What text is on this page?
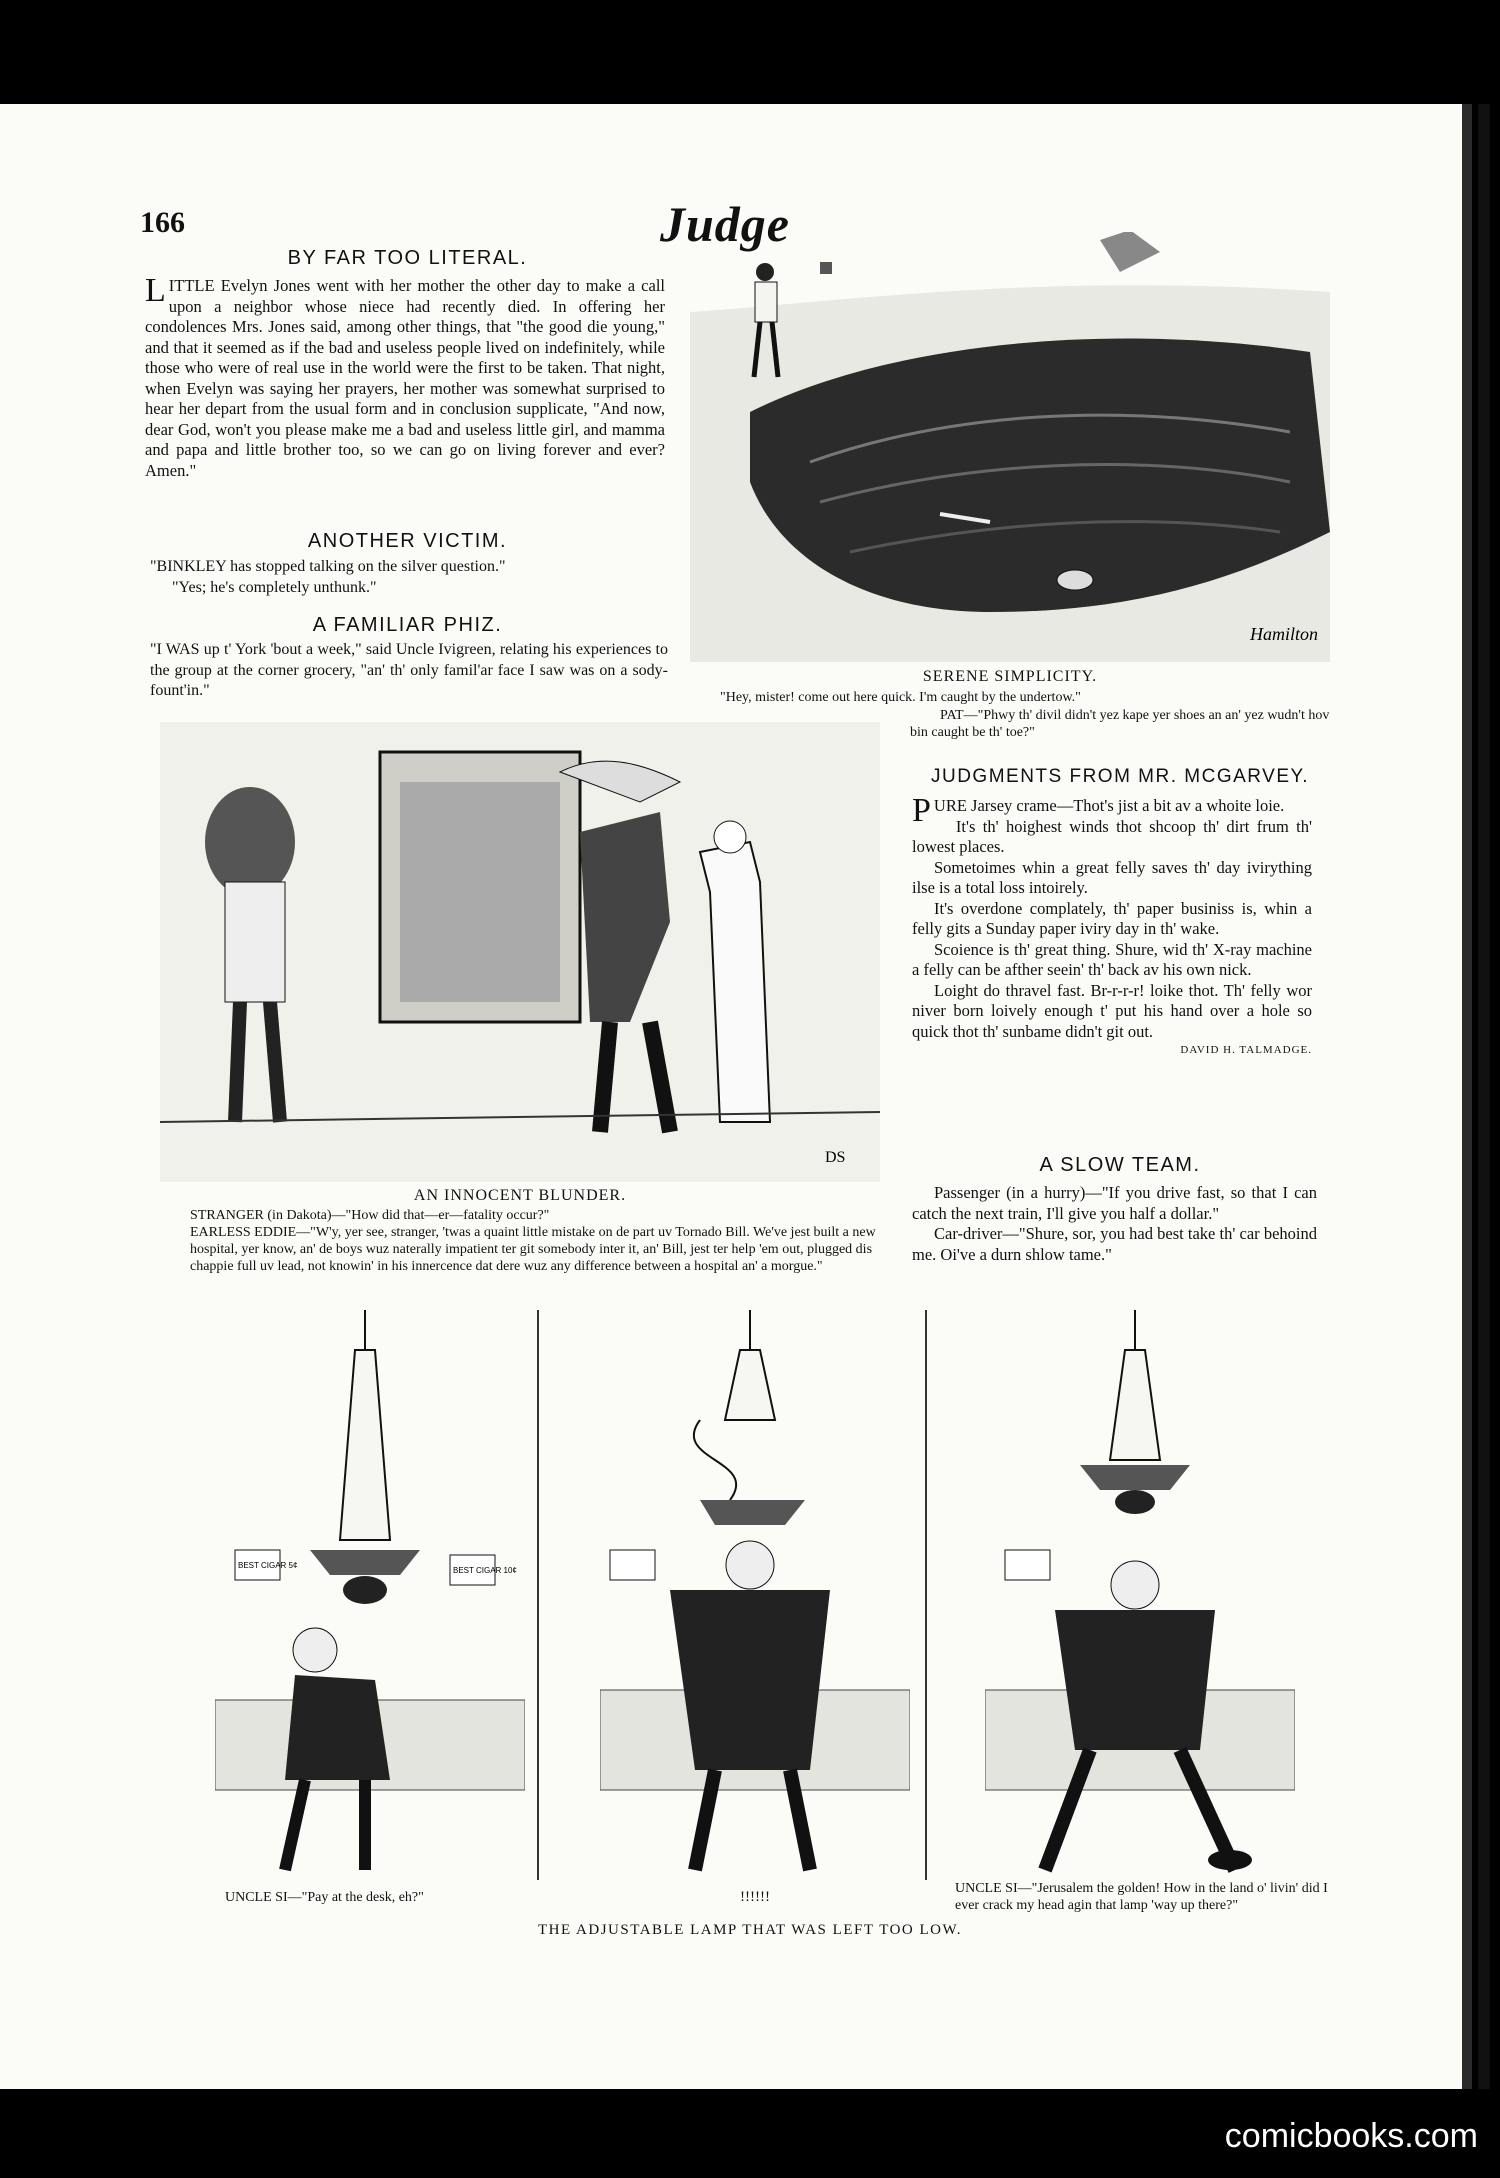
166	Judge
BY FAR TOO LITERAL.
LITTLE Evelyn Jones went with her mother the other day to make a call upon a neighbor whose niece had recently died. In offering her condolences Mrs. Jones said, among other things, that "the good die young," and that it seemed as if the bad and useless people lived on indefinitely, while those who were of real use in the world were the first to be taken. That night, when Evelyn was saying her prayers, her mother was somewhat surprised to hear her depart from the usual form and in conclusion supplicate, "And now, dear God, won't you please make me a bad and useless little girl, and mamma and papa and little brother too, so we can go on living forever and ever? Amen."
ANOTHER VICTIM.

"BINKLEY has stopped talking on the silver question."

"Yes; he's completely unthunk."

A FAMILIAR PHIZ.
"I WAS up t' York 'bout a week," said Uncle Ivigreen, relating his experiences to the group at the corner grocery, "an' th' only famil'ar face I saw was on a sody-fount'in."
Hamilton
SERENE SIMPLICITY.
"Hey, mister! come out here quick. I'm caught by the undertow."
PAT—"Phwy th' divil didn't yez kape yer shoes an an' yez wudn't hov bin caught be th' toe?"
DS
AN INNOCENT BLUNDER.
STRANGER (in Dakota)—"How did that—er—fatality occur?"
EARLESS EDDIE—"W'y, yer see, stranger, 'twas a quaint little mistake on de part uv Tornado Bill. We've jest built a new hospital, yer know, an' de boys wuz naterally impatient ter git somebody inter it, an' Bill, jest ter help 'em out, plugged dis chappie full uv lead, not knowin' in his innercence dat dere wuz any difference between a hospital an' a morgue."
JUDGMENTS FROM MR. MCGARVEY.

PURE Jarsey crame—Thot's jist a bit av a whoite loie.

It's th' hoighest winds thot shcoop th' dirt frum th' lowest places.

Sometoimes whin a great felly saves th' day ivirything ilse is a total loss intoirely.

It's overdone complately, th' paper businiss is, whin a felly gits a Sunday paper iviry day in th' wake.

Scoience is th' great thing. Shure, wid th' X-ray machine a felly can be afther seein' th' back av his own nick.

Loight do thravel fast. Br-r-r-r! loike thot. Th' felly wor niver born loively enough t' put his hand over a hole so quick thot th' sunbame didn't git out.

DAVID H. TALMADGE.

A SLOW TEAM.

Passenger (in a hurry)—"If you drive fast, so that I can catch the next train, I'll give you half a dollar."

Car-driver—"Shure, sor, you had best take th' car behoind me. Oi've a durn shlow tame."

BEST CIGAR 5¢
BEST CIGAR 10¢
UNCLE SI—"Pay at the desk, eh?"	!!!!!!
UNCLE SI—"Jerusalem the golden! How in the land o' livin' did I ever crack my head agin that lamp 'way up there?"
THE ADJUSTABLE LAMP THAT WAS LEFT TOO LOW.
comicbooks.com
